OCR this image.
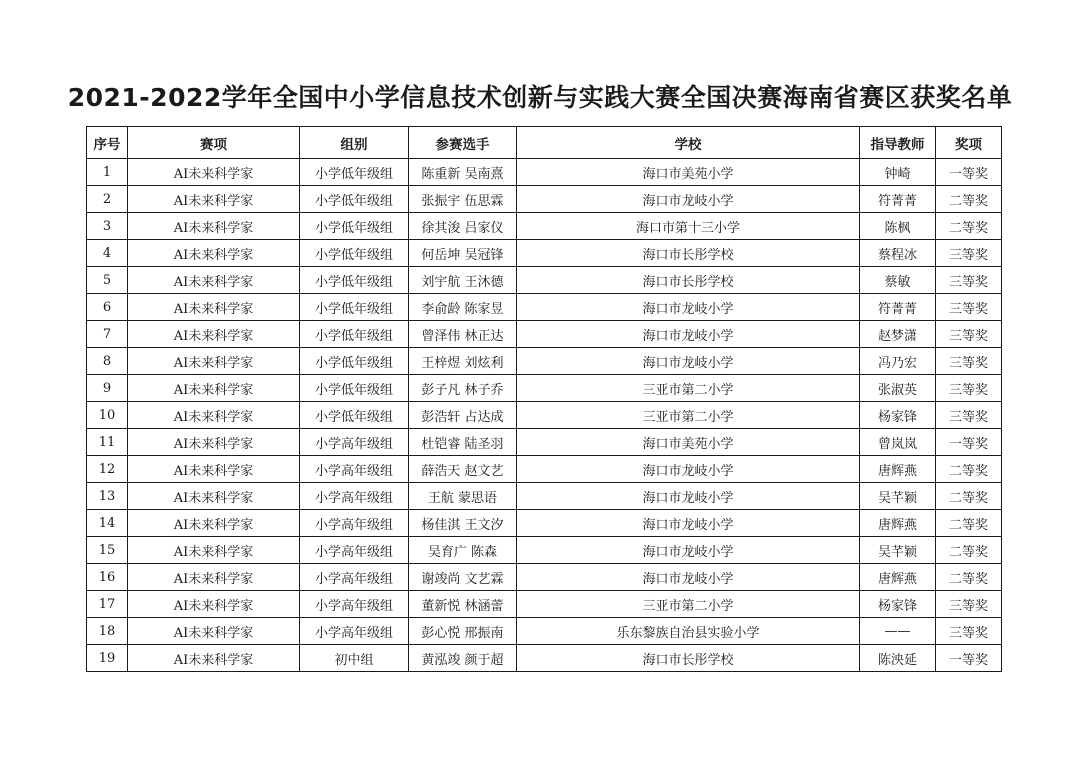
2021-2022学年全国中小学信息技术创新与实践大赛全国决赛海南省赛区获奖名单
序号	赛项	组别	参赛选手	学校	指导教师	奖项
1	AI未来科学家	小学低年级组	陈重新 吴南熹	海口市美苑小学	钟崎	一等奖
2	AI未来科学家	小学低年级组	张振宇 伍思霖	海口市龙岐小学	符菁菁	二等奖
3	AI未来科学家	小学低年级组	徐其浚 吕家仪	海口市第十三小学	陈枫	二等奖
4	AI未来科学家	小学低年级组	何岳坤 吴冠锋	海口市长彤学校	蔡程冰	三等奖
5	AI未来科学家	小学低年级组	刘宇航 王沐德	海口市长彤学校	蔡敏	三等奖
6	AI未来科学家	小学低年级组	李俞龄 陈家昱	海口市龙岐小学	符菁菁	三等奖
7	AI未来科学家	小学低年级组	曾泽伟 林正达	海口市龙岐小学	赵梦潇	三等奖
8	AI未来科学家	小学低年级组	王梓煜 刘炫利	海口市龙岐小学	冯乃宏	三等奖
9	AI未来科学家	小学低年级组	彭子凡 林子乔	三亚市第二小学	张淑英	三等奖
10	AI未来科学家	小学低年级组	彭浩轩 占达成	三亚市第二小学	杨家锋	三等奖
11	AI未来科学家	小学高年级组	杜铠睿 陆圣羽	海口市美苑小学	曾岚岚	一等奖
12	AI未来科学家	小学高年级组	薛浩天 赵文艺	海口市龙岐小学	唐辉燕	二等奖
13	AI未来科学家	小学高年级组	王航 蒙思语	海口市龙岐小学	吴芊颖	二等奖
14	AI未来科学家	小学高年级组	杨佳淇 王文汐	海口市龙岐小学	唐辉燕	二等奖
15	AI未来科学家	小学高年级组	吴育广 陈森	海口市龙岐小学	吴芊颖	二等奖
16	AI未来科学家	小学高年级组	谢竣尚 文艺霖	海口市龙岐小学	唐辉燕	二等奖
17	AI未来科学家	小学高年级组	董新悦 林涵蕾	三亚市第二小学	杨家锋	三等奖
18	AI未来科学家	小学高年级组	彭心悦 邢振南	乐东黎族自治县实验小学	——	三等奖
19	AI未来科学家	初中组	黄泓竣 颜于超	海口市长彤学校	陈泱延	一等奖
